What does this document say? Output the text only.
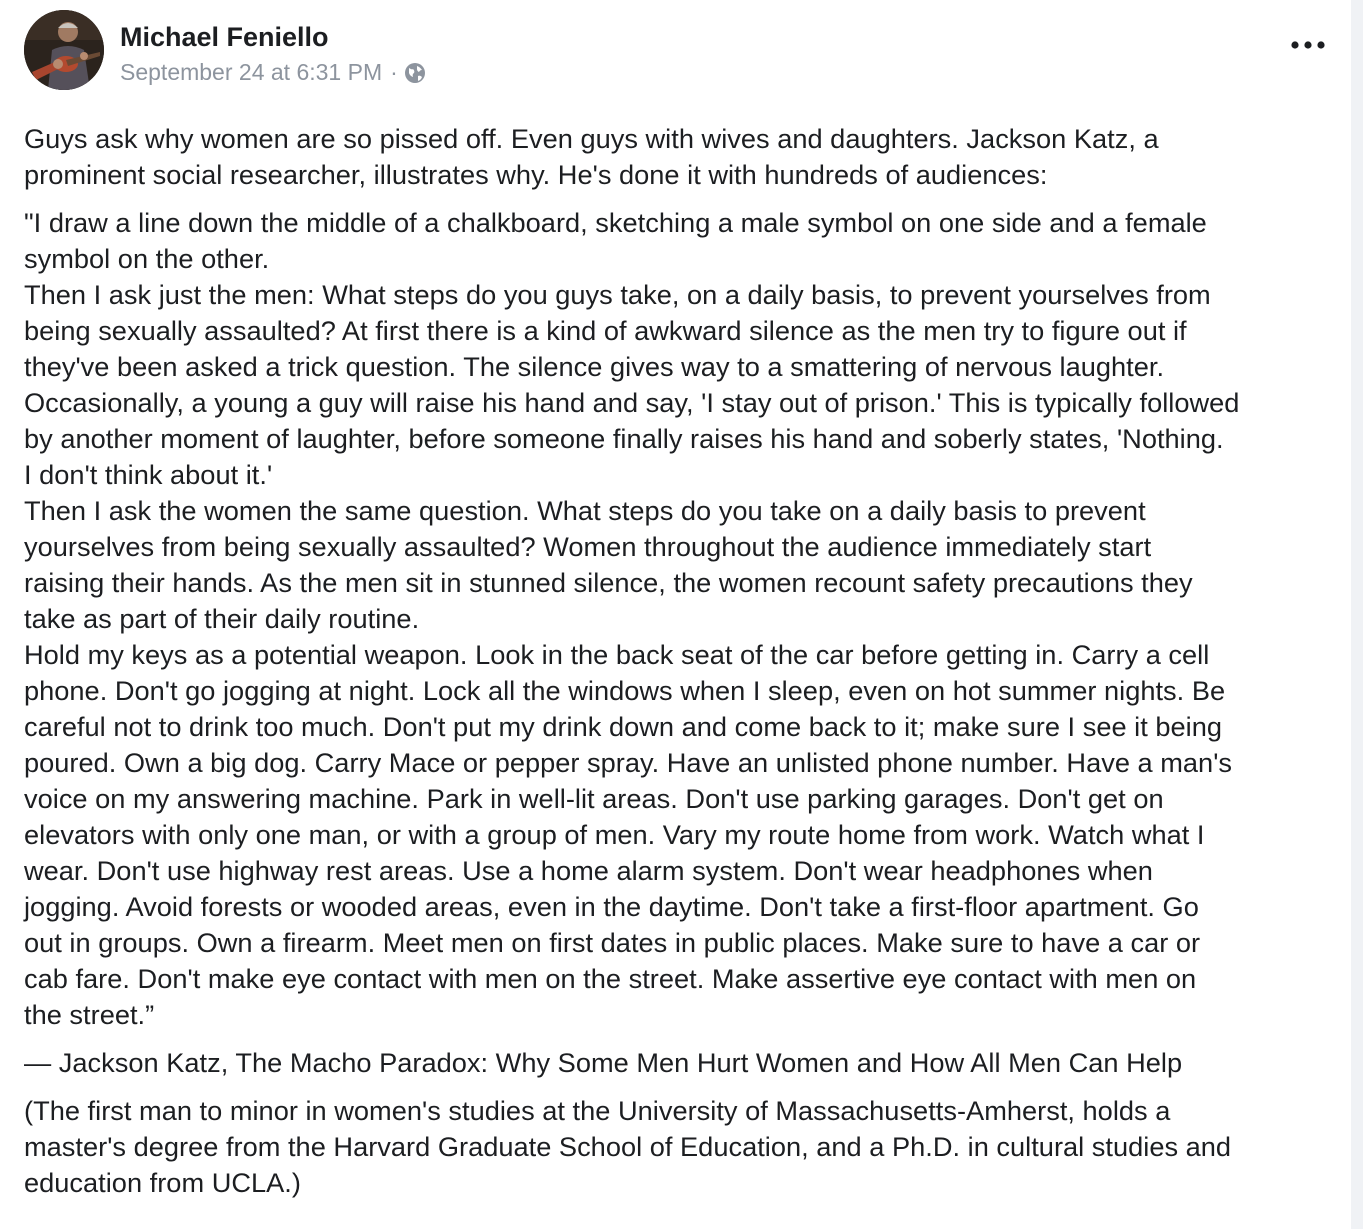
Michael Feniello
September 24 at 6:31 PM ·

Guys ask why women are so pissed off. Even guys with wives and daughters. Jackson Katz, a
prominent social researcher, illustrates why. He's done it with hundreds of audiences:

"I draw a line down the middle of a chalkboard, sketching a male symbol on one side and a female
symbol on the other.
Then I ask just the men: What steps do you guys take, on a daily basis, to prevent yourselves from
being sexually assaulted? At first there is a kind of awkward silence as the men try to figure out if
they've been asked a trick question. The silence gives way to a smattering of nervous laughter.
Occasionally, a young a guy will raise his hand and say, 'I stay out of prison.' This is typically followed
by another moment of laughter, before someone finally raises his hand and soberly states, 'Nothing.
I don't think about it.'
Then I ask the women the same question. What steps do you take on a daily basis to prevent
yourselves from being sexually assaulted? Women throughout the audience immediately start
raising their hands. As the men sit in stunned silence, the women recount safety precautions they
take as part of their daily routine.
Hold my keys as a potential weapon. Look in the back seat of the car before getting in. Carry a cell
phone. Don't go jogging at night. Lock all the windows when I sleep, even on hot summer nights. Be
careful not to drink too much. Don't put my drink down and come back to it; make sure I see it being
poured. Own a big dog. Carry Mace or pepper spray. Have an unlisted phone number. Have a man's
voice on my answering machine. Park in well-lit areas. Don't use parking garages. Don't get on
elevators with only one man, or with a group of men. Vary my route home from work. Watch what I
wear. Don't use highway rest areas. Use a home alarm system. Don't wear headphones when
jogging. Avoid forests or wooded areas, even in the daytime. Don't take a first-floor apartment. Go
out in groups. Own a firearm. Meet men on first dates in public places. Make sure to have a car or
cab fare. Don't make eye contact with men on the street. Make assertive eye contact with men on
the street.”

― Jackson Katz, The Macho Paradox: Why Some Men Hurt Women and How All Men Can Help

(The first man to minor in women's studies at the University of Massachusetts-Amherst, holds a
master's degree from the Harvard Graduate School of Education, and a Ph.D. in cultural studies and
education from UCLA.)
